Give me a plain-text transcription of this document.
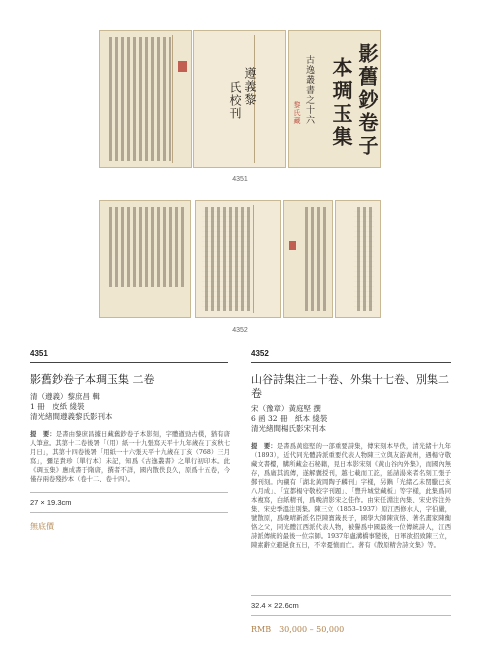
遵義黎
氏校刊	影舊鈔卷子
本琱玉集
古逸叢書之十六
黎氏藏
4351
4352
4351
影舊鈔卷子本琱玉集 二卷
清（遵義）黎庶昌 輯
1 冊　皮紙 綫裝
清光緒間遵義黎氏影刊本
提　要：是書由黎庶昌據日藏舊鈔卷子本影刻，字體遒勁古樸，猶有唐人筆意。其第十二卷後署「（用）紙一十九張寫天平十九年歲在丁亥秋七月日」，其第十四卷後署「用紙一十六張天平十九歲在丁亥（768）三月寫」，彌足貴珍〔單行本〕未記，知爲《古逸叢書》之單行初印本。此《琱玉集》應成書于隋唐，撰者不詳，國内散佚良久，原爲十五卷，今僅存兩卷殘抄本（卷十二、卷十四）。
27 × 19.3cm
無底價
4352
山谷詩集注二十卷、外集十七卷、別集二卷
宋（豫章）黃庭堅 撰
6 函 32 冊　紙本 綫裝
清光緒間楊氏影宋刊本
提　要：是書爲黃庭堅的一部重要詩集，傳宋刻本早佚，清光緒十九年（1893），近代同光體詩派重要代表人物陳三立與友游黃州，遇楊守敬藏文書樓，購所藏金石秘籍，見日本影宋刻《黃山谷內外集》，而國內無存，爲廣其流傳，遂解囊授刊，越七載而工訖，延請湯來者名刻工張子鄞刊刻。內襯有「湖北黃岡陶子麟刊」字樣，另鐫「光緒乙未閏臘已亥八月成」、「宜都楊守敬校字刊題」、「豐升城堂藏板」等字樣，此集爲同本複寫，白紙精刊，爲晚清影宋之佳作。由宋任淵注內集、宋史容注外集、宋史季溫注別集。陳三立（1853–1937）原江西修水人，字伯嚴，號散原，爲晚晴新派名臣陳寶箴長子，國學大師陳寅恪、著名畫家陳衡恪之父，同光體江西派代表人物，被譽爲中國最後一位傳統詩人，江西詩派傳統的最後一位宗師。1937年盧溝橋事變後，日軍欲招致陳三立，陳素辭立避絕食五日，不幸憂憤而亡。著有《散原精舍詩文集》等。
32.4 × 22.6cm
RMB　30,000 – 50,000
